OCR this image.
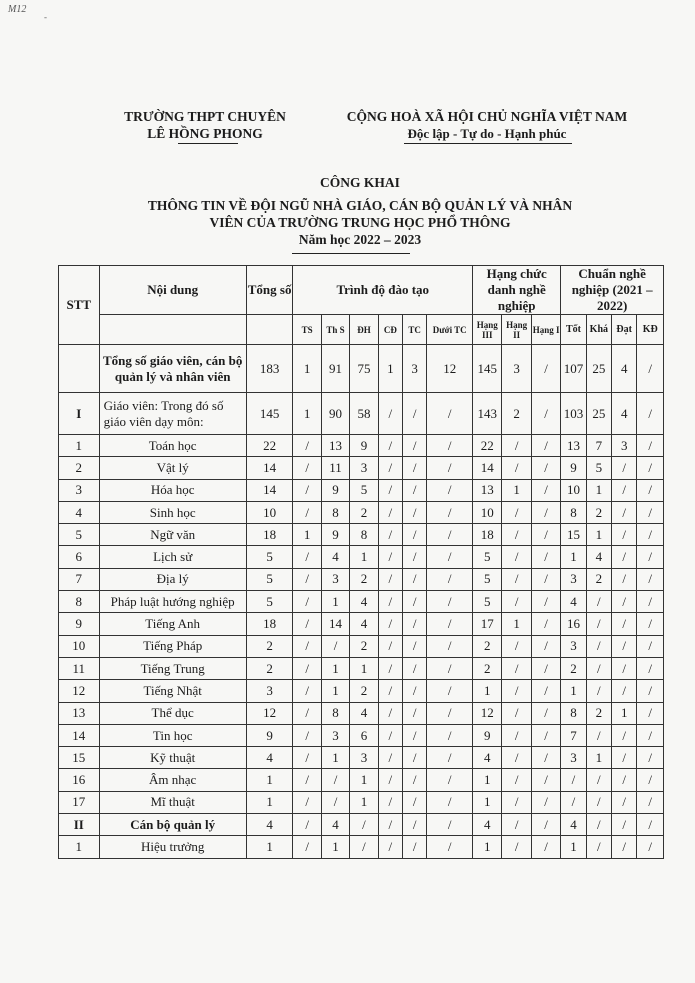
M12
-
TRƯỜNG THPT CHUYÊN
LÊ HỒNG PHONG
CỘNG HOÀ XÃ HỘI CHỦ NGHĨA VIỆT NAM
Độc lập - Tự do - Hạnh phúc
CÔNG KHAI
THÔNG TIN VỀ ĐỘI NGŨ NHÀ GIÁO, CÁN BỘ QUẢN LÝ VÀ NHÂN
VIÊN CỦA TRƯỜNG TRUNG HỌC PHỔ THÔNG
Năm học 2022 – 2023
STT	Nội dung	Tổng số	Trình độ đào tạo						Hạng chức danh nghề nghiệp			Chuẩn nghề nghiệp (2021 – 2022)			
			TS	Th S	ĐH	CĐ	TC	Dưới TC	Hạng III	Hạng II	Hạng I	Tốt	Khá	Đạt	KĐ
	Tổng số giáo viên, cán bộ quản lý và nhân viên	183	1	91	75	1	3	12	145	3	/	107	25	4	/
I	Giáo viên: Trong đó số giáo viên dạy môn:	145	1	90	58	/	/	/	143	2	/	103	25	4	/
1	Toán học	22	/	13	9	/	/	/	22	/	/	13	7	3	/
2	Vật lý	14	/	11	3	/	/	/	14	/	/	9	5	/	/
3	Hóa học	14	/	9	5	/	/	/	13	1	/	10	1	/	/
4	Sinh học	10	/	8	2	/	/	/	10	/	/	8	2	/	/
5	Ngữ văn	18	1	9	8	/	/	/	18	/	/	15	1	/	/
6	Lịch sử	5	/	4	1	/	/	/	5	/	/	1	4	/	/
7	Địa lý	5	/	3	2	/	/	/	5	/	/	3	2	/	/
8	Pháp luật hướng nghiệp	5	/	1	4	/	/	/	5	/	/	4	/	/	/
9	Tiếng Anh	18	/	14	4	/	/	/	17	1	/	16	/	/	/
10	Tiếng Pháp	2	/	/	2	/	/	/	2	/	/	3	/	/	/
11	Tiếng Trung	2	/	1	1	/	/	/	2	/	/	2	/	/	/
12	Tiếng Nhật	3	/	1	2	/	/	/	1	/	/	1	/	/	/
13	Thể dục	12	/	8	4	/	/	/	12	/	/	8	2	1	/
14	Tin học	9	/	3	6	/	/	/	9	/	/	7	/	/	/
15	Kỹ thuật	4	/	1	3	/	/	/	4	/	/	3	1	/	/
16	Âm nhạc	1	/	/	1	/	/	/	1	/	/	/	/	/	/
17	Mĩ thuật	1	/	/	1	/	/	/	1	/	/	/	/	/	/
II	Cán bộ quản lý	4	/	4	/	/	/	/	4	/	/	4	/	/	/
1	Hiệu trưởng	1	/	1	/	/	/	/	1	/	/	1	/	/	/
